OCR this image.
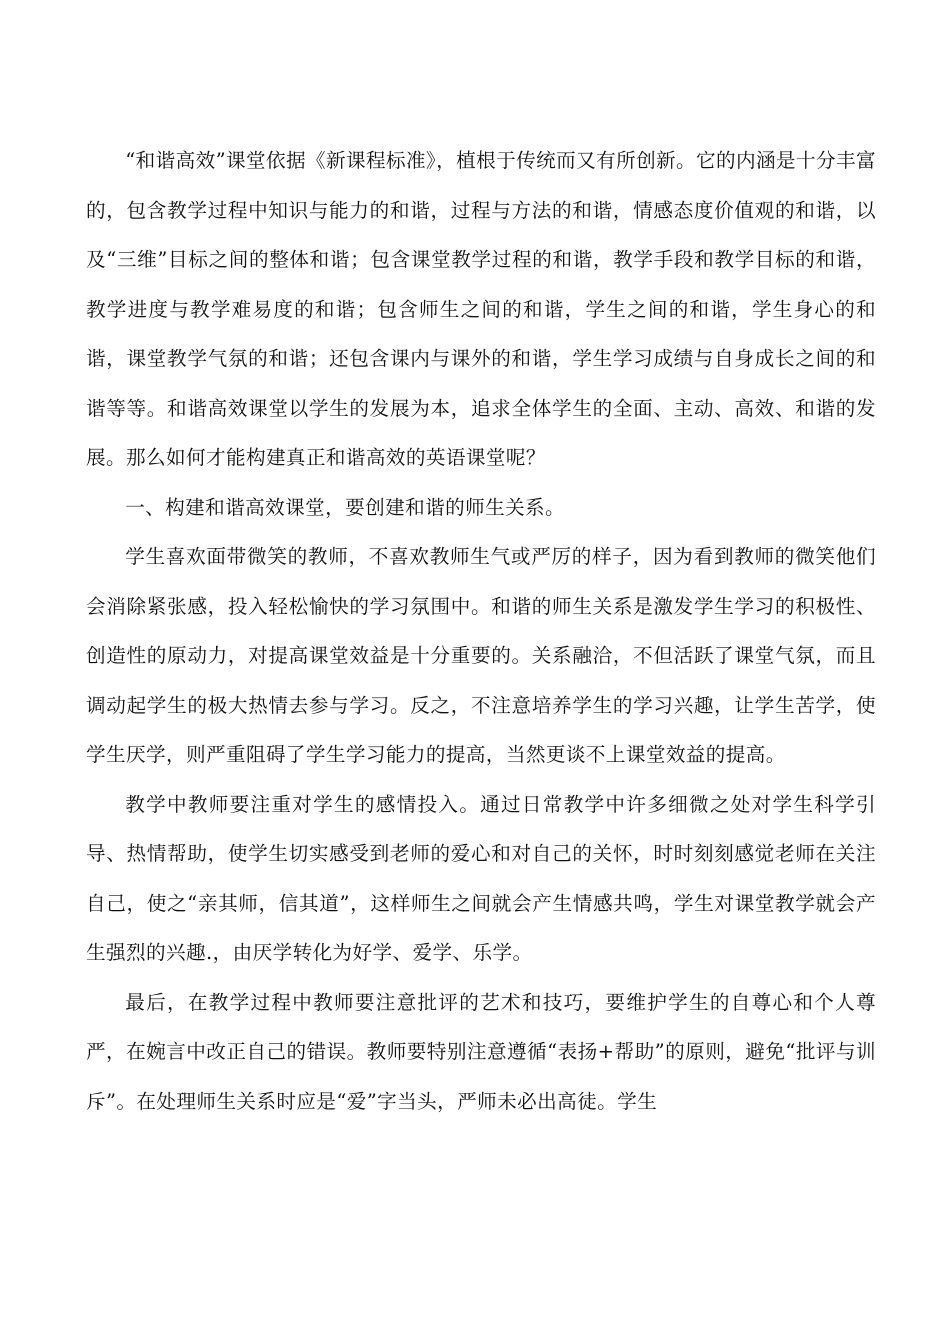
“和谐高效”课堂依据《新课程标准》，植根于传统而又有所创新。它的内涵是十分丰富的，包含教学过程中知识与能力的和谐，过程与方法的和谐，情感态度价值观的和谐，以及“三维”目标之间的整体和谐；包含课堂教学过程的和谐，教学手段和教学目标的和谐，教学进度与教学难易度的和谐；包含师生之间的和谐，学生之间的和谐，学生身心的和谐，课堂教学气氛的和谐；还包含课内与课外的和谐，学生学习成绩与自身成长之间的和谐等等。和谐高效课堂以学生的发展为本，追求全体学生的全面、主动、高效、和谐的发展。那么如何才能构建真正和谐高效的英语课堂呢？

一、构建和谐高效课堂，要创建和谐的师生关系。

学生喜欢面带微笑的教师，不喜欢教师生气或严厉的样子，因为看到教师的微笑他们会消除紧张感，投入轻松愉快的学习氛围中。和谐的师生关系是激发学生学习的积极性、创造性的原动力，对提高课堂效益是十分重要的。关系融洽，不但活跃了课堂气氛，而且调动起学生的极大热情去参与学习。反之，不注意培养学生的学习兴趣，让学生苦学，使学生厌学，则严重阻碍了学生学习能力的提高，当然更谈不上课堂效益的提高。

教学中教师要注重对学生的感情投入。通过日常教学中许多细微之处对学生科学引导、热情帮助，使学生切实感受到老师的爱心和对自己的关怀，时时刻刻感觉老师在关注自己，使之“亲其师，信其道”，这样师生之间就会产生情感共鸣，学生对课堂教学就会产生强烈的兴趣.，由厌学转化为好学、爱学、乐学。

最后，在教学过程中教师要注意批评的艺术和技巧，要维护学生的自尊心和个人尊严，在婉言中改正自己的错误。教师要特别注意遵循“表扬+帮助”的原则，避免“批评与训斥”。在处理师生关系时应是“爱”字当头，严师未必出高徒。学生
